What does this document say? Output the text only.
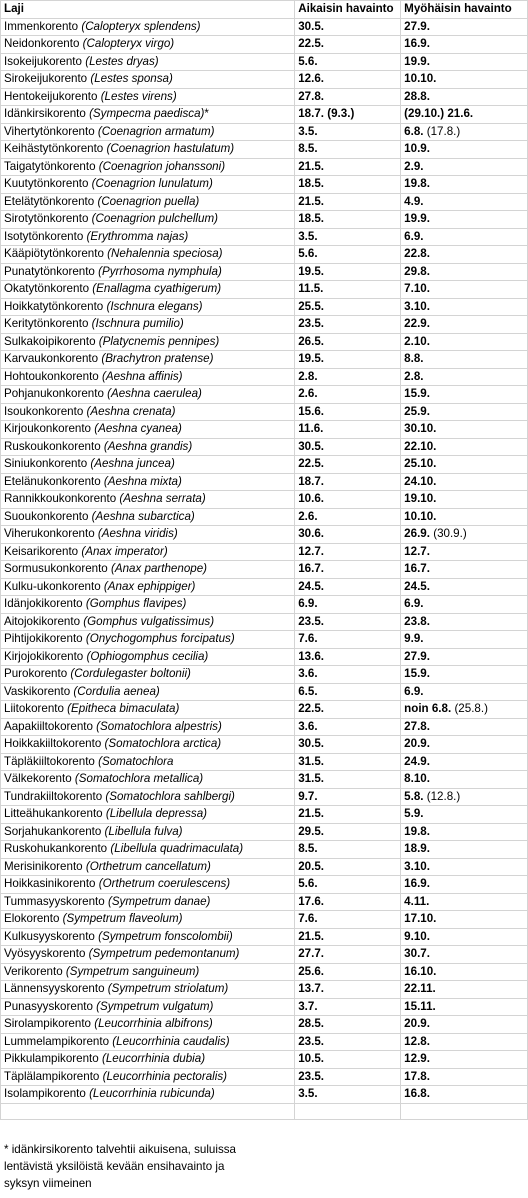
Laji	Aikaisin havainto	Myöhäisin havainto
Immenkorento (Calopteryx splendens)	30.5.	27.9.
Neidonkorento (Calopteryx virgo)	22.5.	16.9.
Isokeijukorento (Lestes dryas)	5.6.	19.9.
Sirokeijukorento (Lestes sponsa)	12.6.	10.10.
Hentokeijukorento (Lestes virens)	27.8.	28.8.
Idänkirsikorento (Sympecma paedisca)*	18.7. (9.3.)	(29.10.) 21.6.
Vihertytönkorento (Coenagrion armatum)	3.5.	6.8. (17.8.)
Keihästytönkorento (Coenagrion hastulatum)	8.5.	10.9.
Taigatytönkorento (Coenagrion johanssoni)	21.5.	2.9.
Kuutytönkorento (Coenagrion lunulatum)	18.5.	19.8.
Etelätytönkorento (Coenagrion puella)	21.5.	4.9.
Sirotytönkorento (Coenagrion pulchellum)	18.5.	19.9.
Isotytönkorento (Erythromma najas)	3.5.	6.9.
Kääpiötytönkorento (Nehalennia speciosa)	5.6.	22.8.
Punatytönkorento (Pyrrhosoma nymphula)	19.5.	29.8.
Okatytönkorento (Enallagma cyathigerum)	11.5.	7.10.
Hoikkatytönkorento (Ischnura elegans)	25.5.	3.10.
Keritytönkorento (Ischnura pumilio)	23.5.	22.9.
Sulkakoipikorento (Platycnemis pennipes)	26.5.	2.10.
Karvaukonkorento (Brachytron pratense)	19.5.	8.8.
Hohtoukonkorento (Aeshna affinis)	2.8.	2.8.
Pohjanukonkorento (Aeshna caerulea)	2.6.	15.9.
Isoukonkorento (Aeshna crenata)	15.6.	25.9.
Kirjoukonkorento (Aeshna cyanea)	11.6.	30.10.
Ruskoukonkorento (Aeshna grandis)	30.5.	22.10.
Siniukonkorento (Aeshna juncea)	22.5.	25.10.
Etelänukonkorento (Aeshna mixta)	18.7.	24.10.
Rannikkoukonkorento (Aeshna serrata)	10.6.	19.10.
Suoukonkorento (Aeshna subarctica)	2.6.	10.10.
Viherukonkorento (Aeshna viridis)	30.6.	26.9. (30.9.)
Keisarikorento (Anax imperator)	12.7.	12.7.
Sormusukonkorento (Anax parthenope)	16.7.	16.7.
Kulku-ukonkorento (Anax ephippiger)	24.5.	24.5.
Idänjokikorento (Gomphus flavipes)	6.9.	6.9.
Aitojokikorento (Gomphus vulgatissimus)	23.5.	23.8.
Pihtijokikorento (Onychogomphus forcipatus)	7.6.	9.9.
Kirjojokikorento (Ophiogomphus cecilia)	13.6.	27.9.
Purokorento (Cordulegaster boltonii)	3.6.	15.9.
Vaskikorento (Cordulia aenea)	6.5.	6.9.
Liitokorento (Epitheca bimaculata)	22.5.	noin 6.8. (25.8.)
Aapakiiltokorento (Somatochlora alpestris)	3.6.	27.8.
Hoikkakiiltokorento (Somatochlora arctica)	30.5.	20.9.
Täpläkiiltokorento (Somatochlora	31.5.	24.9.
Välkekorento (Somatochlora metallica)	31.5.	8.10.
Tundrakiiltokorento (Somatochlora sahlbergi)	9.7.	5.8. (12.8.)
Litteähukankorento (Libellula depressa)	21.5.	5.9.
Sorjahukankorento (Libellula fulva)	29.5.	19.8.
Ruskohukankorento (Libellula quadrimaculata)	8.5.	18.9.
Merisinikorento (Orthetrum cancellatum)	20.5.	3.10.
Hoikkasinikorento (Orthetrum coerulescens)	5.6.	16.9.
Tummasyyskorento (Sympetrum danae)	17.6.	4.11.
Elokorento (Sympetrum flaveolum)	7.6.	17.10.
Kulkusyyskorento (Sympetrum fonscolombii)	21.5.	9.10.
Vyösyyskorento (Sympetrum pedemontanum)	27.7.	30.7.
Verikorento (Sympetrum sanguineum)	25.6.	16.10.
Lännensyyskorento (Sympetrum striolatum)	13.7.	22.11.
Punasyyskorento (Sympetrum vulgatum)	3.7.	15.11.
Sirolampikorento (Leucorrhinia albifrons)	28.5.	20.9.
Lummelampikorento (Leucorrhinia caudalis)	23.5.	12.8.
Pikkulampikorento (Leucorrhinia dubia)	10.5.	12.9.
Täplälampikorento (Leucorrhinia pectoralis)	23.5.	17.8.
Isolampikorento (Leucorrhinia rubicunda)	3.5.	16.8.

* idänkirsikorento talvehtii aikuisena, suluissa
lentävistä yksilöistä kevään ensihavainto ja
syksyn viimeinen
